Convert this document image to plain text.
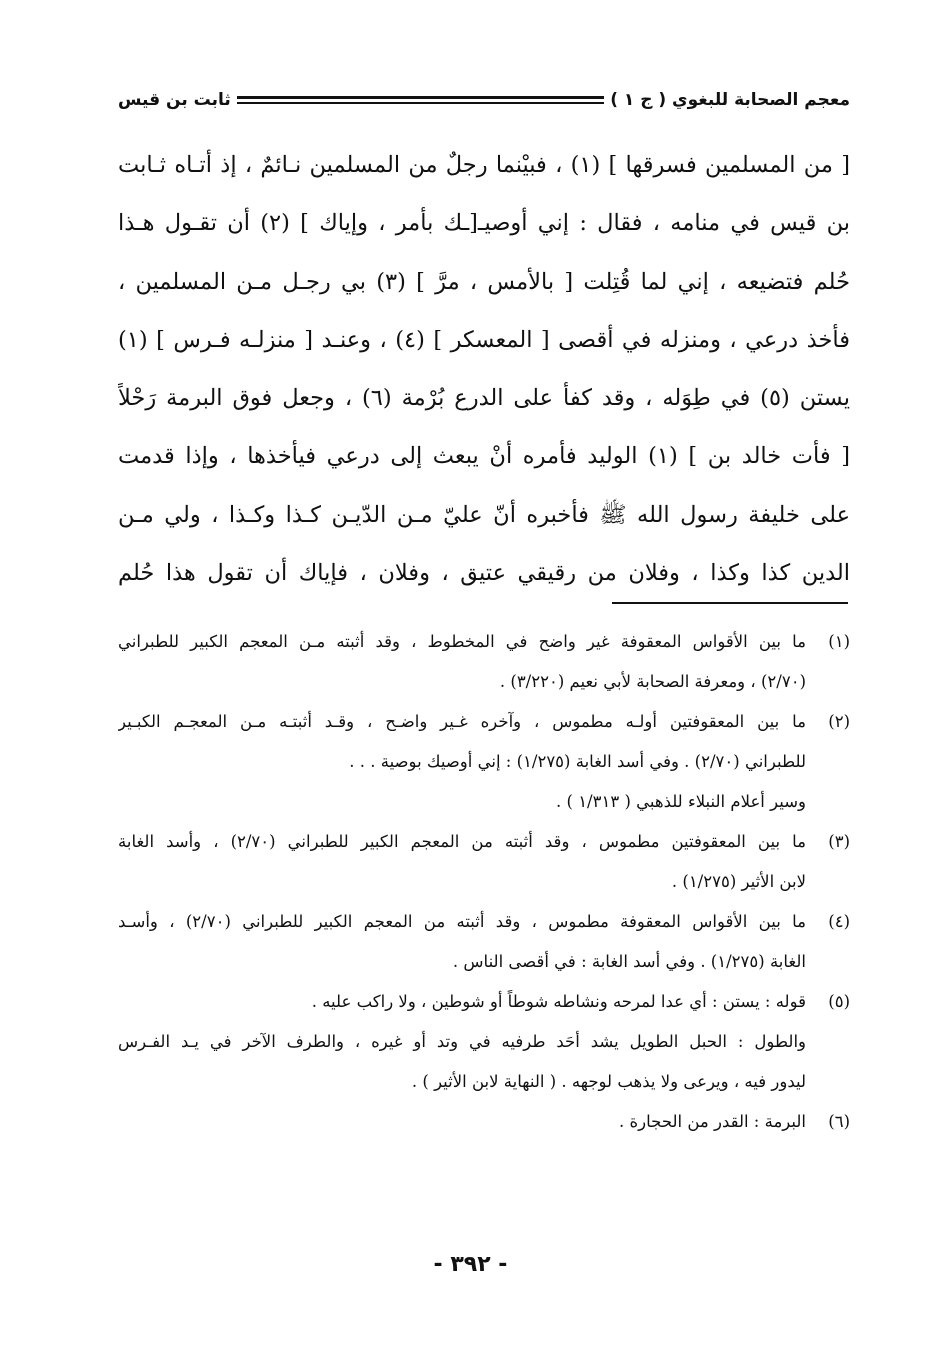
معجم الصحابة للبغوي ( ج ١ )
ثابت بن قيس
[ من المسلمين فسرقها ] (١) ، فبيْنما رجلٌ من المسلمين نـائمٌ ، إذ أتـاه ثـابت
بن قيس في منامه ، فقال : إني أوصيـ[ـك بأمر ، وإياك ] (٢) أن تقـول هـذا
حُلم فتضيعه ، إني لما قُتِلت [ بالأمس ، مرَّ ] (٣) بي رجـل مـن المسلمين ،
فأخذ درعي ، ومنزله في أقصى [ المعسكر ] (٤) ، وعنـد [ منزلـه فـرس ] (١)
يستن (٥) في طِوَله ، وقد كفأ على الدرع بُرْمة (٦) ، وجعل فوق البرمة رَحْلاً
[ فأت خالد بن ] (١) الوليد فأمره أنْ يبعث إلى درعي فيأخذها ، وإذا قدمت
على خليفة رسول الله ﷺ فأخبره أنّ عليّ مـن الدّيـن كـذا وكـذا ، ولي مـن
الدين كذا وكذا ، وفلان من رقيقي عتيق ، وفلان ، فإياك أن تقول هذا حُلم
(١)
ما بين الأقواس المعقوفة غير واضح في المخطوط ، وقد أثبته مـن المعجم الكبير للطبراني
(٢/٧٠) ، ومعرفة الصحابة لأبي نعيم (٣/٢٢٠) .
(٢)
ما بين المعقوفتين أولـه مطموس ، وآخره غـير واضـح ، وقـد أثبتـه مـن المعجـم الكبـير
للطبراني (٢/٧٠) . وفي أسد الغابة (١/٢٧٥) : إني أوصيك بوصية . . .
وسير أعلام النبلاء للذهبي ( ١/٣١٣ ) .
(٣)
ما بين المعقوفتين مطموس ، وقد أثبته من المعجم الكبير للطبراني (٢/٧٠) ، وأسد الغابة
لابن الأثير (١/٢٧٥) .
(٤)
ما بين الأقواس المعقوفة مطموس ، وقد أثبته من المعجم الكبير للطبراني (٢/٧٠) ، وأسـد
الغابة (١/٢٧٥) . وفي أسد الغابة : في أقصى الناس .
(٥)
قوله : يستن : أي عدا لمرحه ونشاطه شوطاً أو شوطين ، ولا راكب عليه .
والطول : الحبل الطويل يشد أحَد طرفيه في وتد أو غيره ، والطرف الآخر في يـد الفـرس
ليدور فيه ، ويرعى ولا يذهب لوجهه . ( النهاية لابن الأثير ) .
(٦)
البرمة : القدر من الحجارة .
- ٣٩٢ -
